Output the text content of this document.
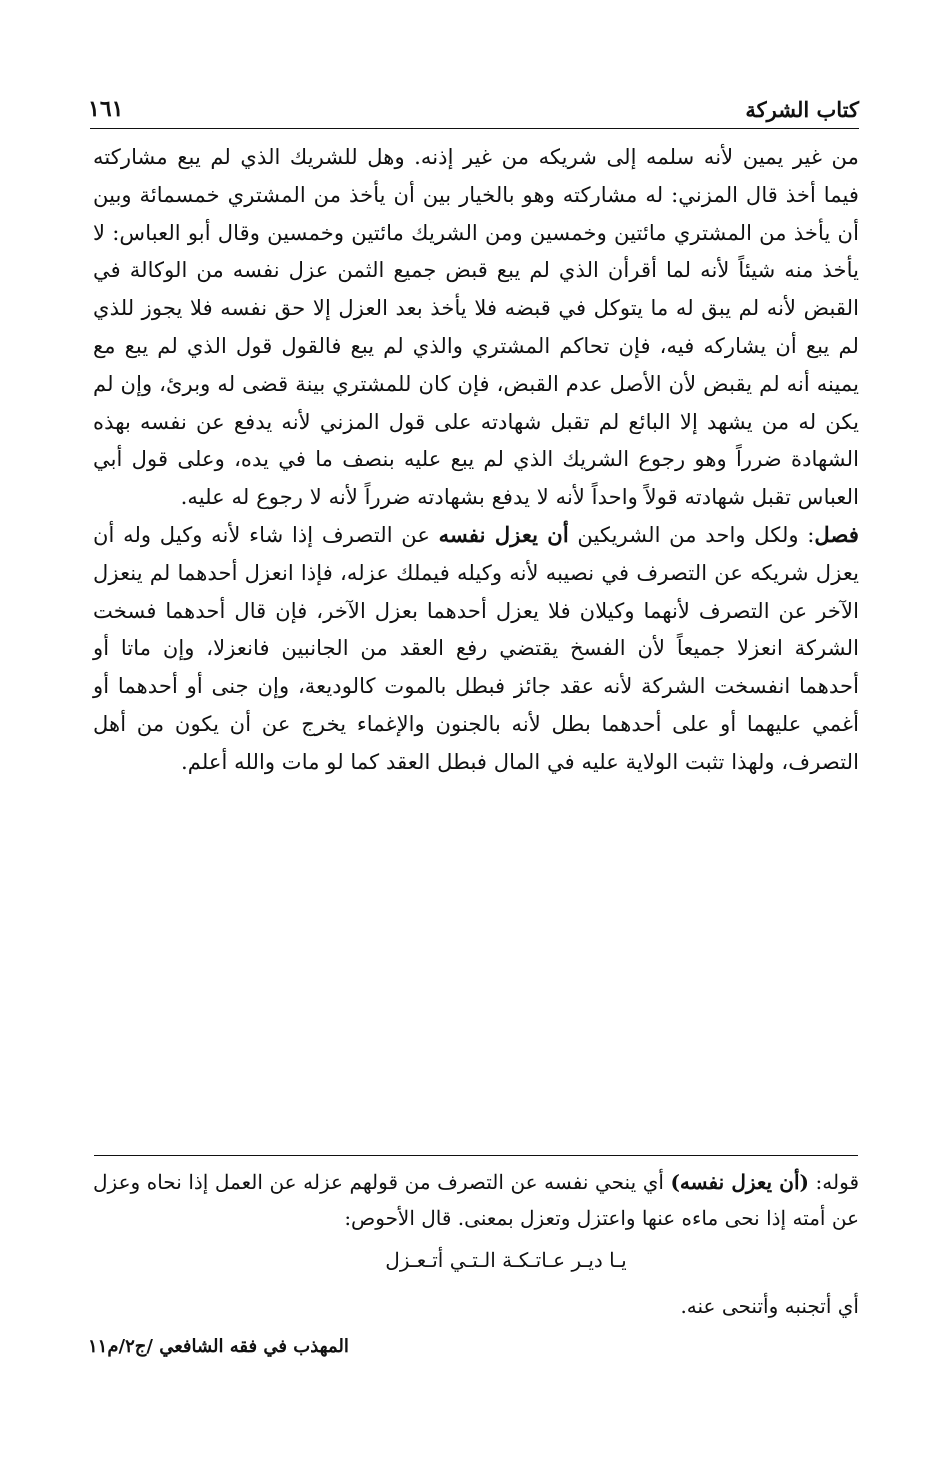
كتاب الشركة
١٦١

من غير يمين لأنه سلمه إلى شريكه من غير إذنه. وهل للشريك الذي لم يبع مشاركته فيما أخذ قال المزني: له مشاركته وهو بالخيار بين أن يأخذ من المشتري خمسمائة وبين أن يأخذ من المشتري مائتين وخمسين ومن الشريك مائتين وخمسين وقال أبو العباس: لا يأخذ منه شيئاً لأنه لما أقرأن الذي لم يبع قبض جميع الثمن عزل نفسه من الوكالة في القبض لأنه لم يبق له ما يتوكل في قبضه فلا يأخذ بعد العزل إلا حق نفسه فلا يجوز للذي لم يبع أن يشاركه فيه، فإن تحاكم المشتري والذي لم يبع فالقول قول الذي لم يبع مع يمينه أنه لم يقبض لأن الأصل عدم القبض، فإن كان للمشتري بينة قضى له وبرئ، وإن لم يكن له من يشهد إلا البائع لم تقبل شهادته على قول المزني لأنه يدفع عن نفسه بهذه الشهادة ضرراً وهو رجوع الشريك الذي لم يبع عليه بنصف ما في يده، وعلى قول أبي العباس تقبل شهادته قولاً واحداً لأنه لا يدفع بشهادته ضرراً لأنه لا رجوع له عليه.

فصل: ولكل واحد من الشريكين أن يعزل نفسه عن التصرف إذا شاء لأنه وكيل وله أن يعزل شريكه عن التصرف في نصيبه لأنه وكيله فيملك عزله، فإذا انعزل أحدهما لم ينعزل الآخر عن التصرف لأنهما وكيلان فلا يعزل أحدهما بعزل الآخر، فإن قال أحدهما فسخت الشركة انعزلا جميعاً لأن الفسخ يقتضي رفع العقد من الجانبين فانعزلا، وإن ماتا أو أحدهما انفسخت الشركة لأنه عقد جائز فبطل بالموت كالوديعة، وإن جنى أو أحدهما أو أغمي عليهما أو على أحدهما بطل لأنه بالجنون والإغماء يخرج عن أن يكون من أهل التصرف، ولهذا تثبت الولاية عليه في المال فبطل العقد كما لو مات والله أعلم.

قوله: (أن يعزل نفسه) أي ينحي نفسه عن التصرف من قولهم عزله عن العمل إذا نحاه وعزل عن أمته إذا نحى ماءه عنها واعتزل وتعزل بمعنى. قال الأحوص:

يـا ديـر عـاتـكـة الـتـي أتـعـزل

أي أتجنبه وأتنحى عنه.

المهذب في فقه الشافعي /ج٢/م١١
